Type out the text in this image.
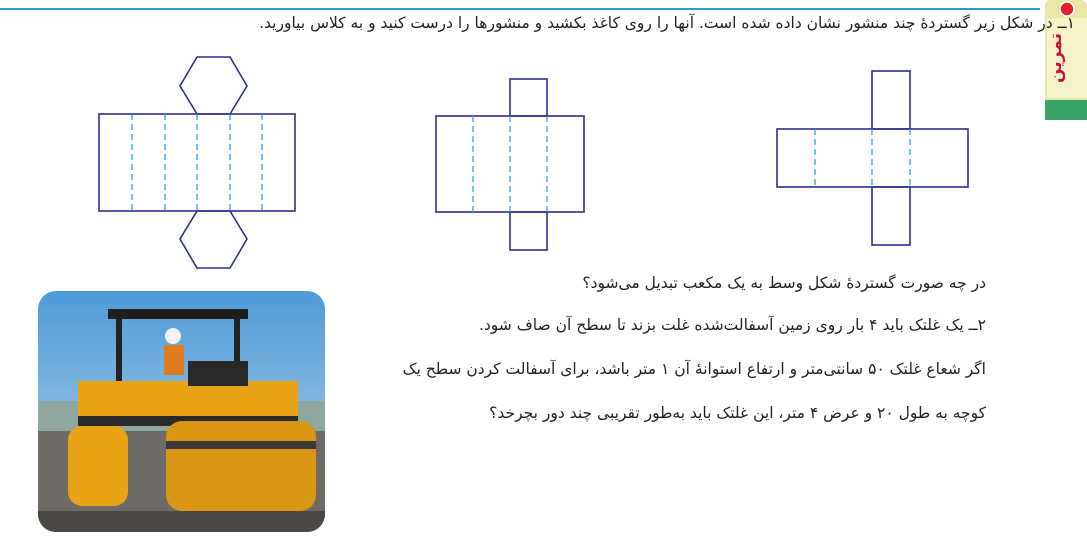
تمرین
۱ــ در شکل زیر گستردهٔ چند منشور نشان داده شده است. آنها را روی کاغذ بکشید و منشورها را درست کنید و به کلاس بیاورید.
در چه صورت گستردهٔ شکل وسط به یک مکعب تبدیل می‌شود؟
۲ــ یک غلتک باید ۴ بار روی زمین آسفالت‌شده غلت بزند تا سطح آن صاف شود.
اگر شعاع غلتک ۵۰ سانتی‌متر و ارتفاع استوانهٔ آن ۱ متر باشد، برای آسفالت کردن سطح یک
کوچه به طول ۲۰ و عرض ۴ متر، این غلتک باید به‌طور تقریبی چند دور بچرخد؟
